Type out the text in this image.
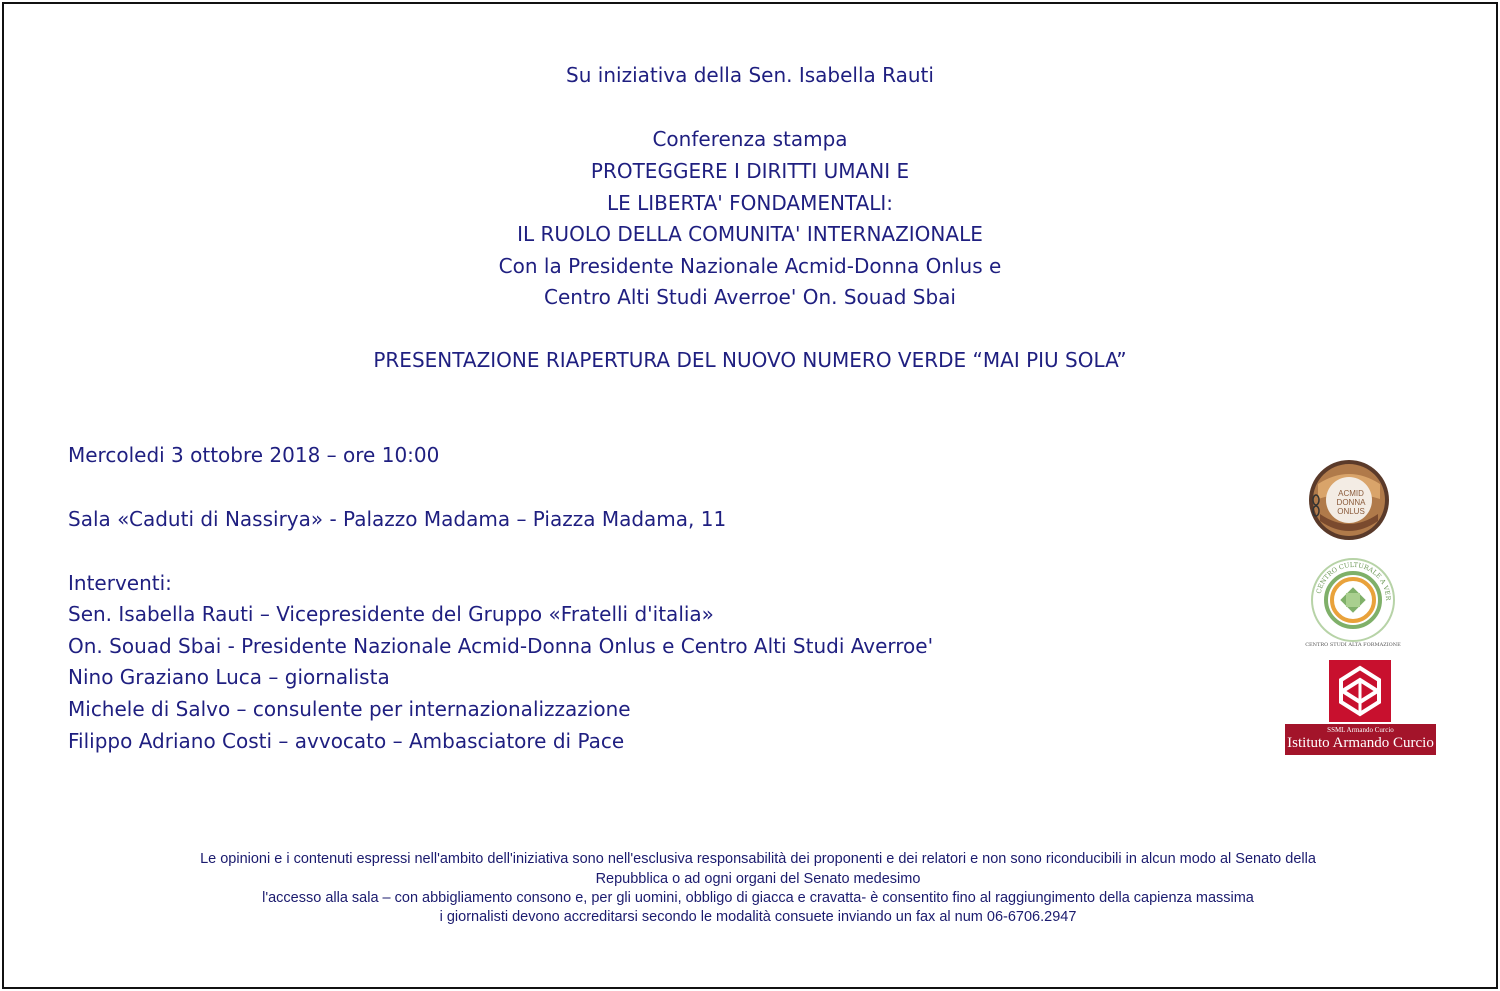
Su iniziativa della Sen. Isabella Rauti
Conferenza stampa
PROTEGGERE I DIRITTI UMANI E
LE LIBERTA' FONDAMENTALI:
IL RUOLO DELLA COMUNITA' INTERNAZIONALE
Con la Presidente Nazionale Acmid-Donna Onlus e
Centro Alti Studi Averroe' On. Souad Sbai
PRESENTAZIONE RIAPERTURA DEL NUOVO NUMERO VERDE “MAI PIU SOLA”
Mercoledi 3 ottobre 2018 – ore 10:00
Sala «Caduti di Nassirya» - Palazzo Madama – Piazza Madama, 11
Interventi:
Sen. Isabella Rauti – Vicepresidente del Gruppo «Fratelli d'italia»
On. Souad Sbai - Presidente Nazionale Acmid-Donna Onlus e Centro Alti Studi Averroe'
Nino Graziano Luca – giornalista
Michele di Salvo – consulente per internazionalizzazione
Filippo Adriano Costi – avvocato – Ambasciatore di Pace
ACMID
DONNA
ONLUS
CENTRO CULTURALE A VER
CENTRO STUDI ALTA FORMAZIONE
SSML Armando Curcio
Istituto Armando Curcio
Le opinioni e i contenuti espressi nell'ambito dell'iniziativa sono nell'esclusiva responsabilità dei proponenti e dei relatori e non sono riconducibili in alcun modo al Senato della
Repubblica o ad ogni organi del Senato medesimo
l'accesso alla sala – con abbigliamento consono e, per gli uomini, obbligo di giacca e cravatta- è consentito fino al raggiungimento della capienza massima
i giornalisti devono accreditarsi secondo le modalità consuete inviando un fax al num 06-6706.2947
